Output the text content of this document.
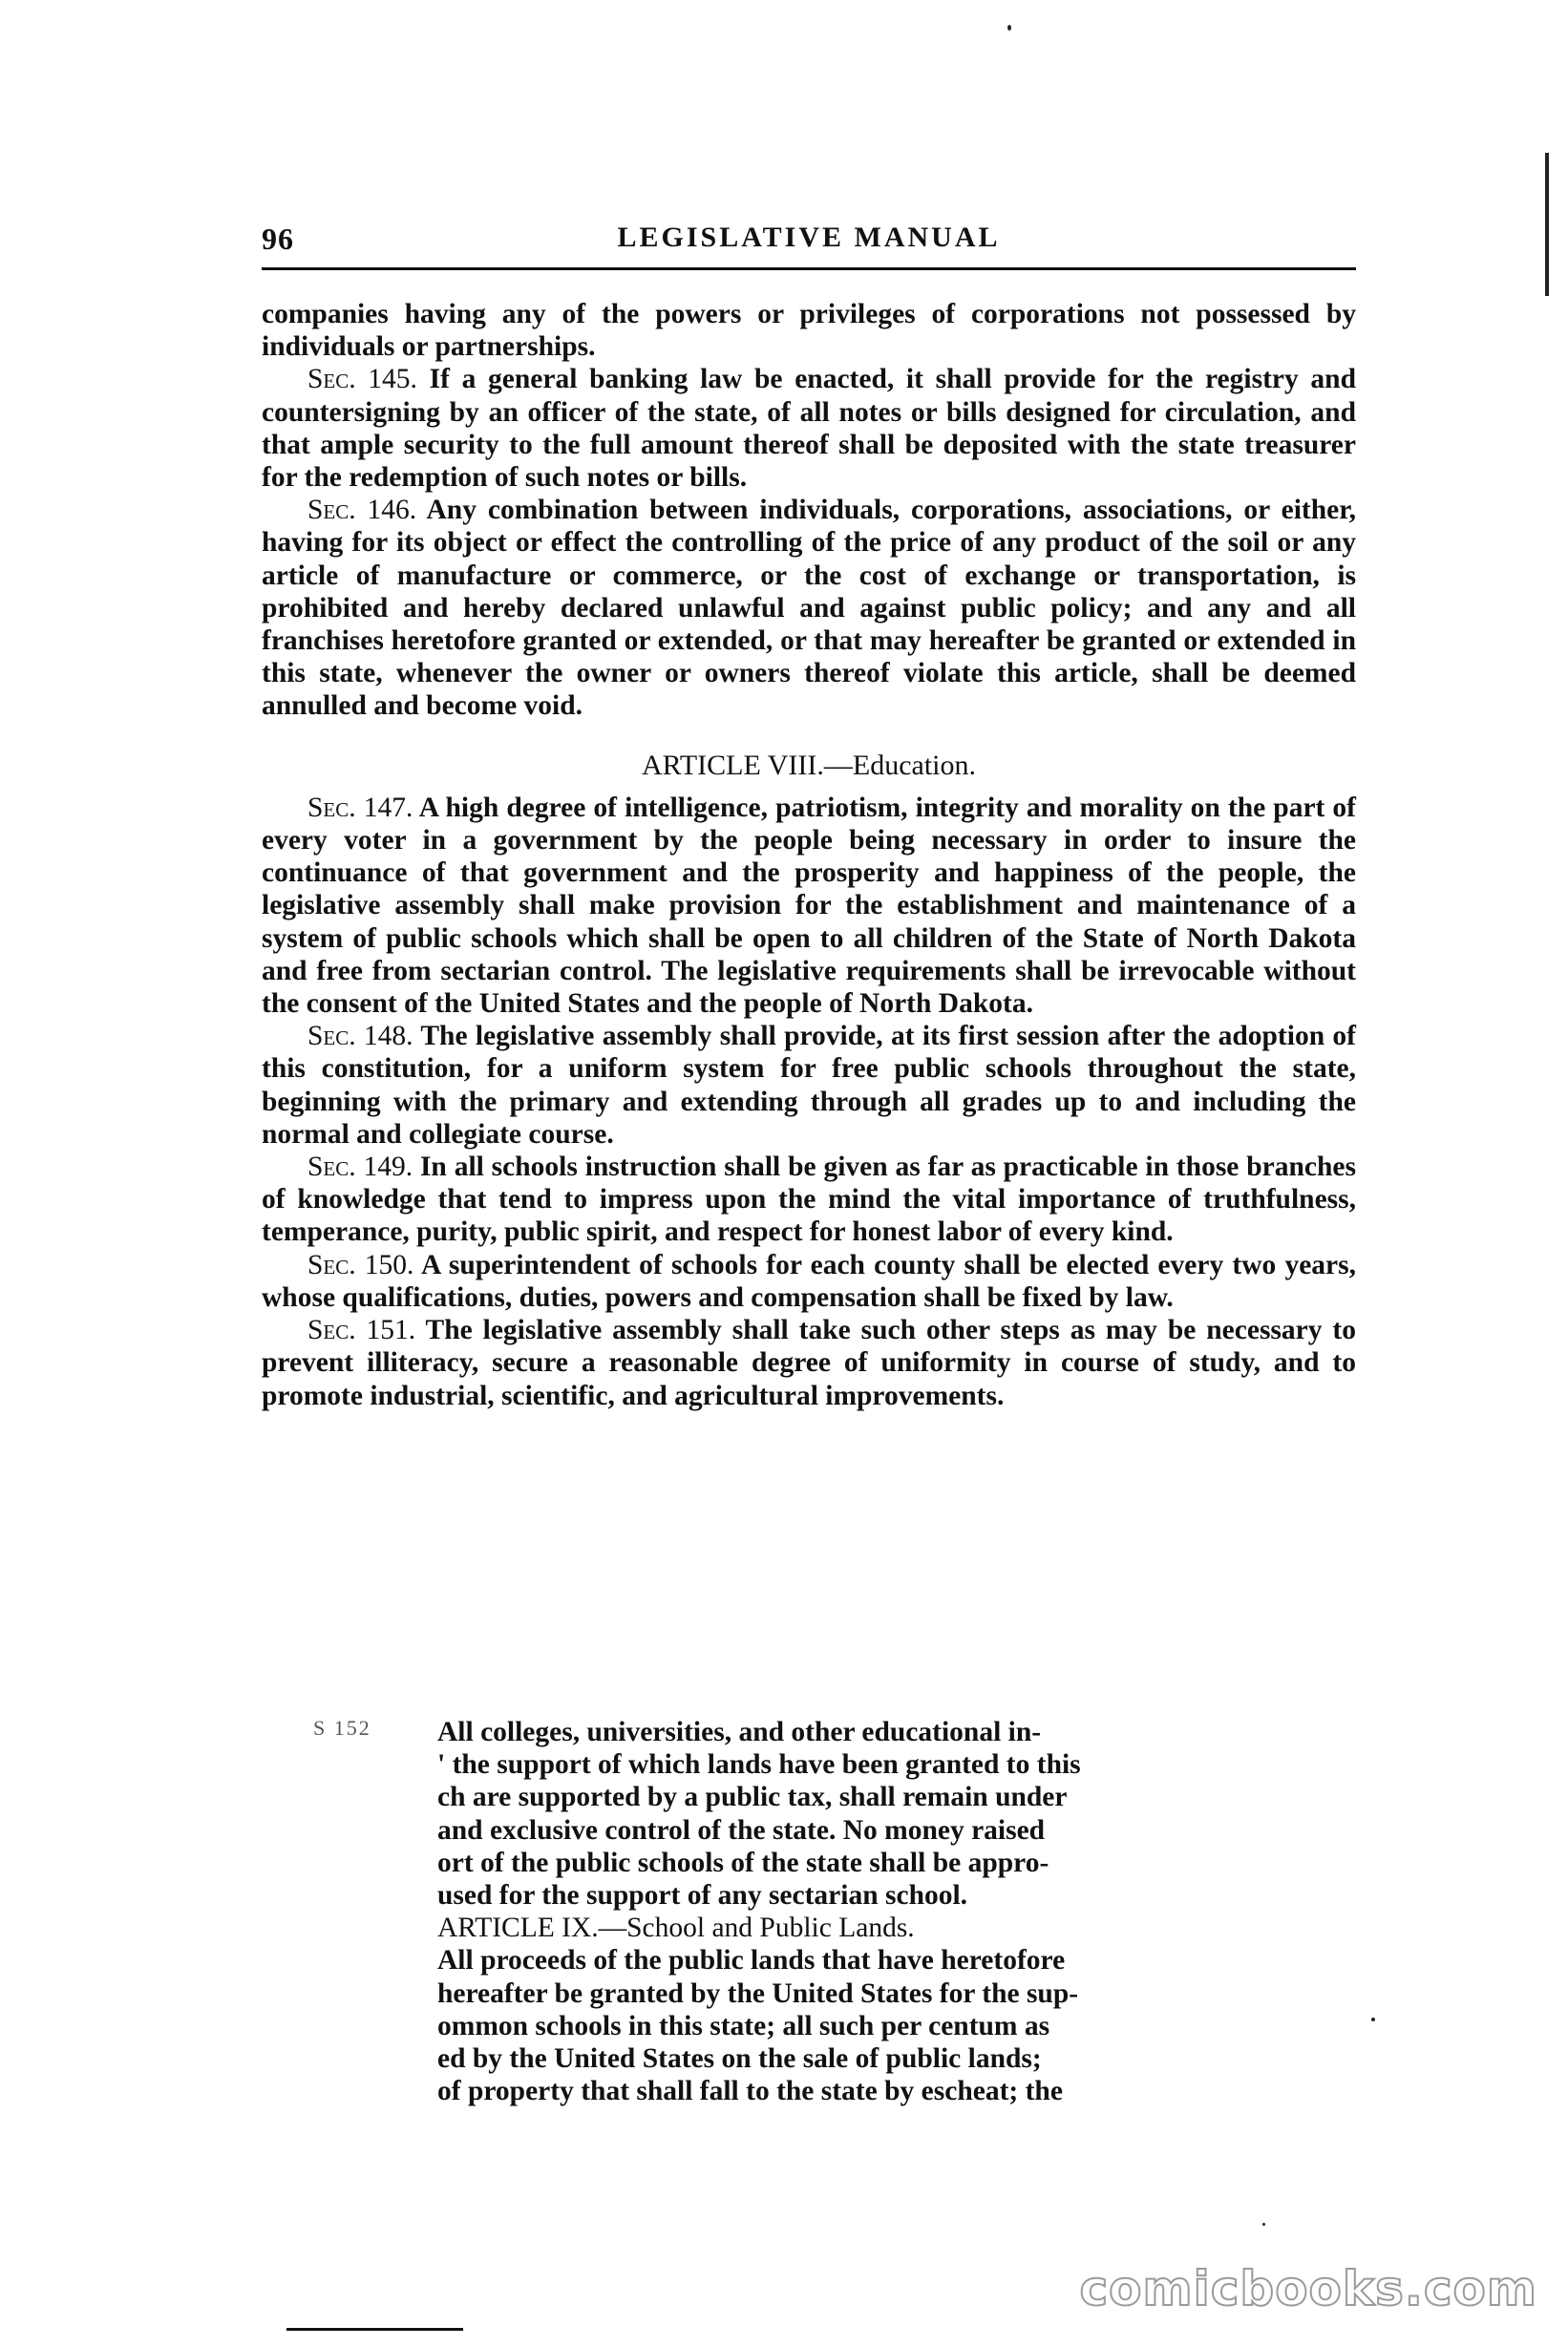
96	LEGISLATIVE MANUAL

companies having any of the powers or privileges of corporations not possessed by individuals or partnerships.

Sec. 145. If a general banking law be enacted, it shall provide for the registry and countersigning by an officer of the state, of all notes or bills designed for circulation, and that ample security to the full amount thereof shall be deposited with the state treasurer for the redemption of such notes or bills.

Sec. 146. Any combination between individuals, corporations, associations, or either, having for its object or effect the controlling of the price of any product of the soil or any article of manufacture or commerce, or the cost of exchange or transportation, is prohibited and hereby declared unlawful and against public policy; and any and all franchises heretofore granted or extended, or that may hereafter be granted or extended in this state, whenever the owner or owners thereof violate this article, shall be deemed annulled and become void.

ARTICLE VIII.—Education.

Sec. 147. A high degree of intelligence, patriotism, integrity and morality on the part of every voter in a government by the people being necessary in order to insure the continuance of that government and the prosperity and happiness of the people, the legislative assembly shall make provision for the establishment and maintenance of a system of public schools which shall be open to all children of the State of North Dakota and free from sectarian control. The legislative requirements shall be irrevocable without the consent of the United States and the people of North Dakota.

Sec. 148. The legislative assembly shall provide, at its first session after the adoption of this constitution, for a uniform system for free public schools throughout the state, beginning with the primary and extending through all grades up to and including the normal and collegiate course.

Sec. 149. In all schools instruction shall be given as far as practicable in those branches of knowledge that tend to impress upon the mind the vital importance of truthfulness, temperance, purity, public spirit, and respect for honest labor of every kind.

Sec. 150. A superintendent of schools for each county shall be elected every two years, whose qualifications, duties, powers and compensation shall be fixed by law.

Sec. 151. The legislative assembly shall take such other steps as may be necessary to prevent illiteracy, secure a reasonable degree of uniformity in course of study, and to promote industrial, scientific, and agricultural improvements.

S 152 All colleges, universities, and other educational in-
' the support of which lands have been granted to this
ch are supported by a public tax, shall remain under
and exclusive control of the state. No money raised
ort of the public schools of the state shall be appro-
used for the support of any sectarian school.
ARTICLE IX.—School and Public Lands.
All proceeds of the public lands that have heretofore
hereafter be granted by the United States for the sup-
ommon schools in this state; all such per centum as
ed by the United States on the sale of public lands;
of property that shall fall to the state by escheat; the
comicbooks.com
